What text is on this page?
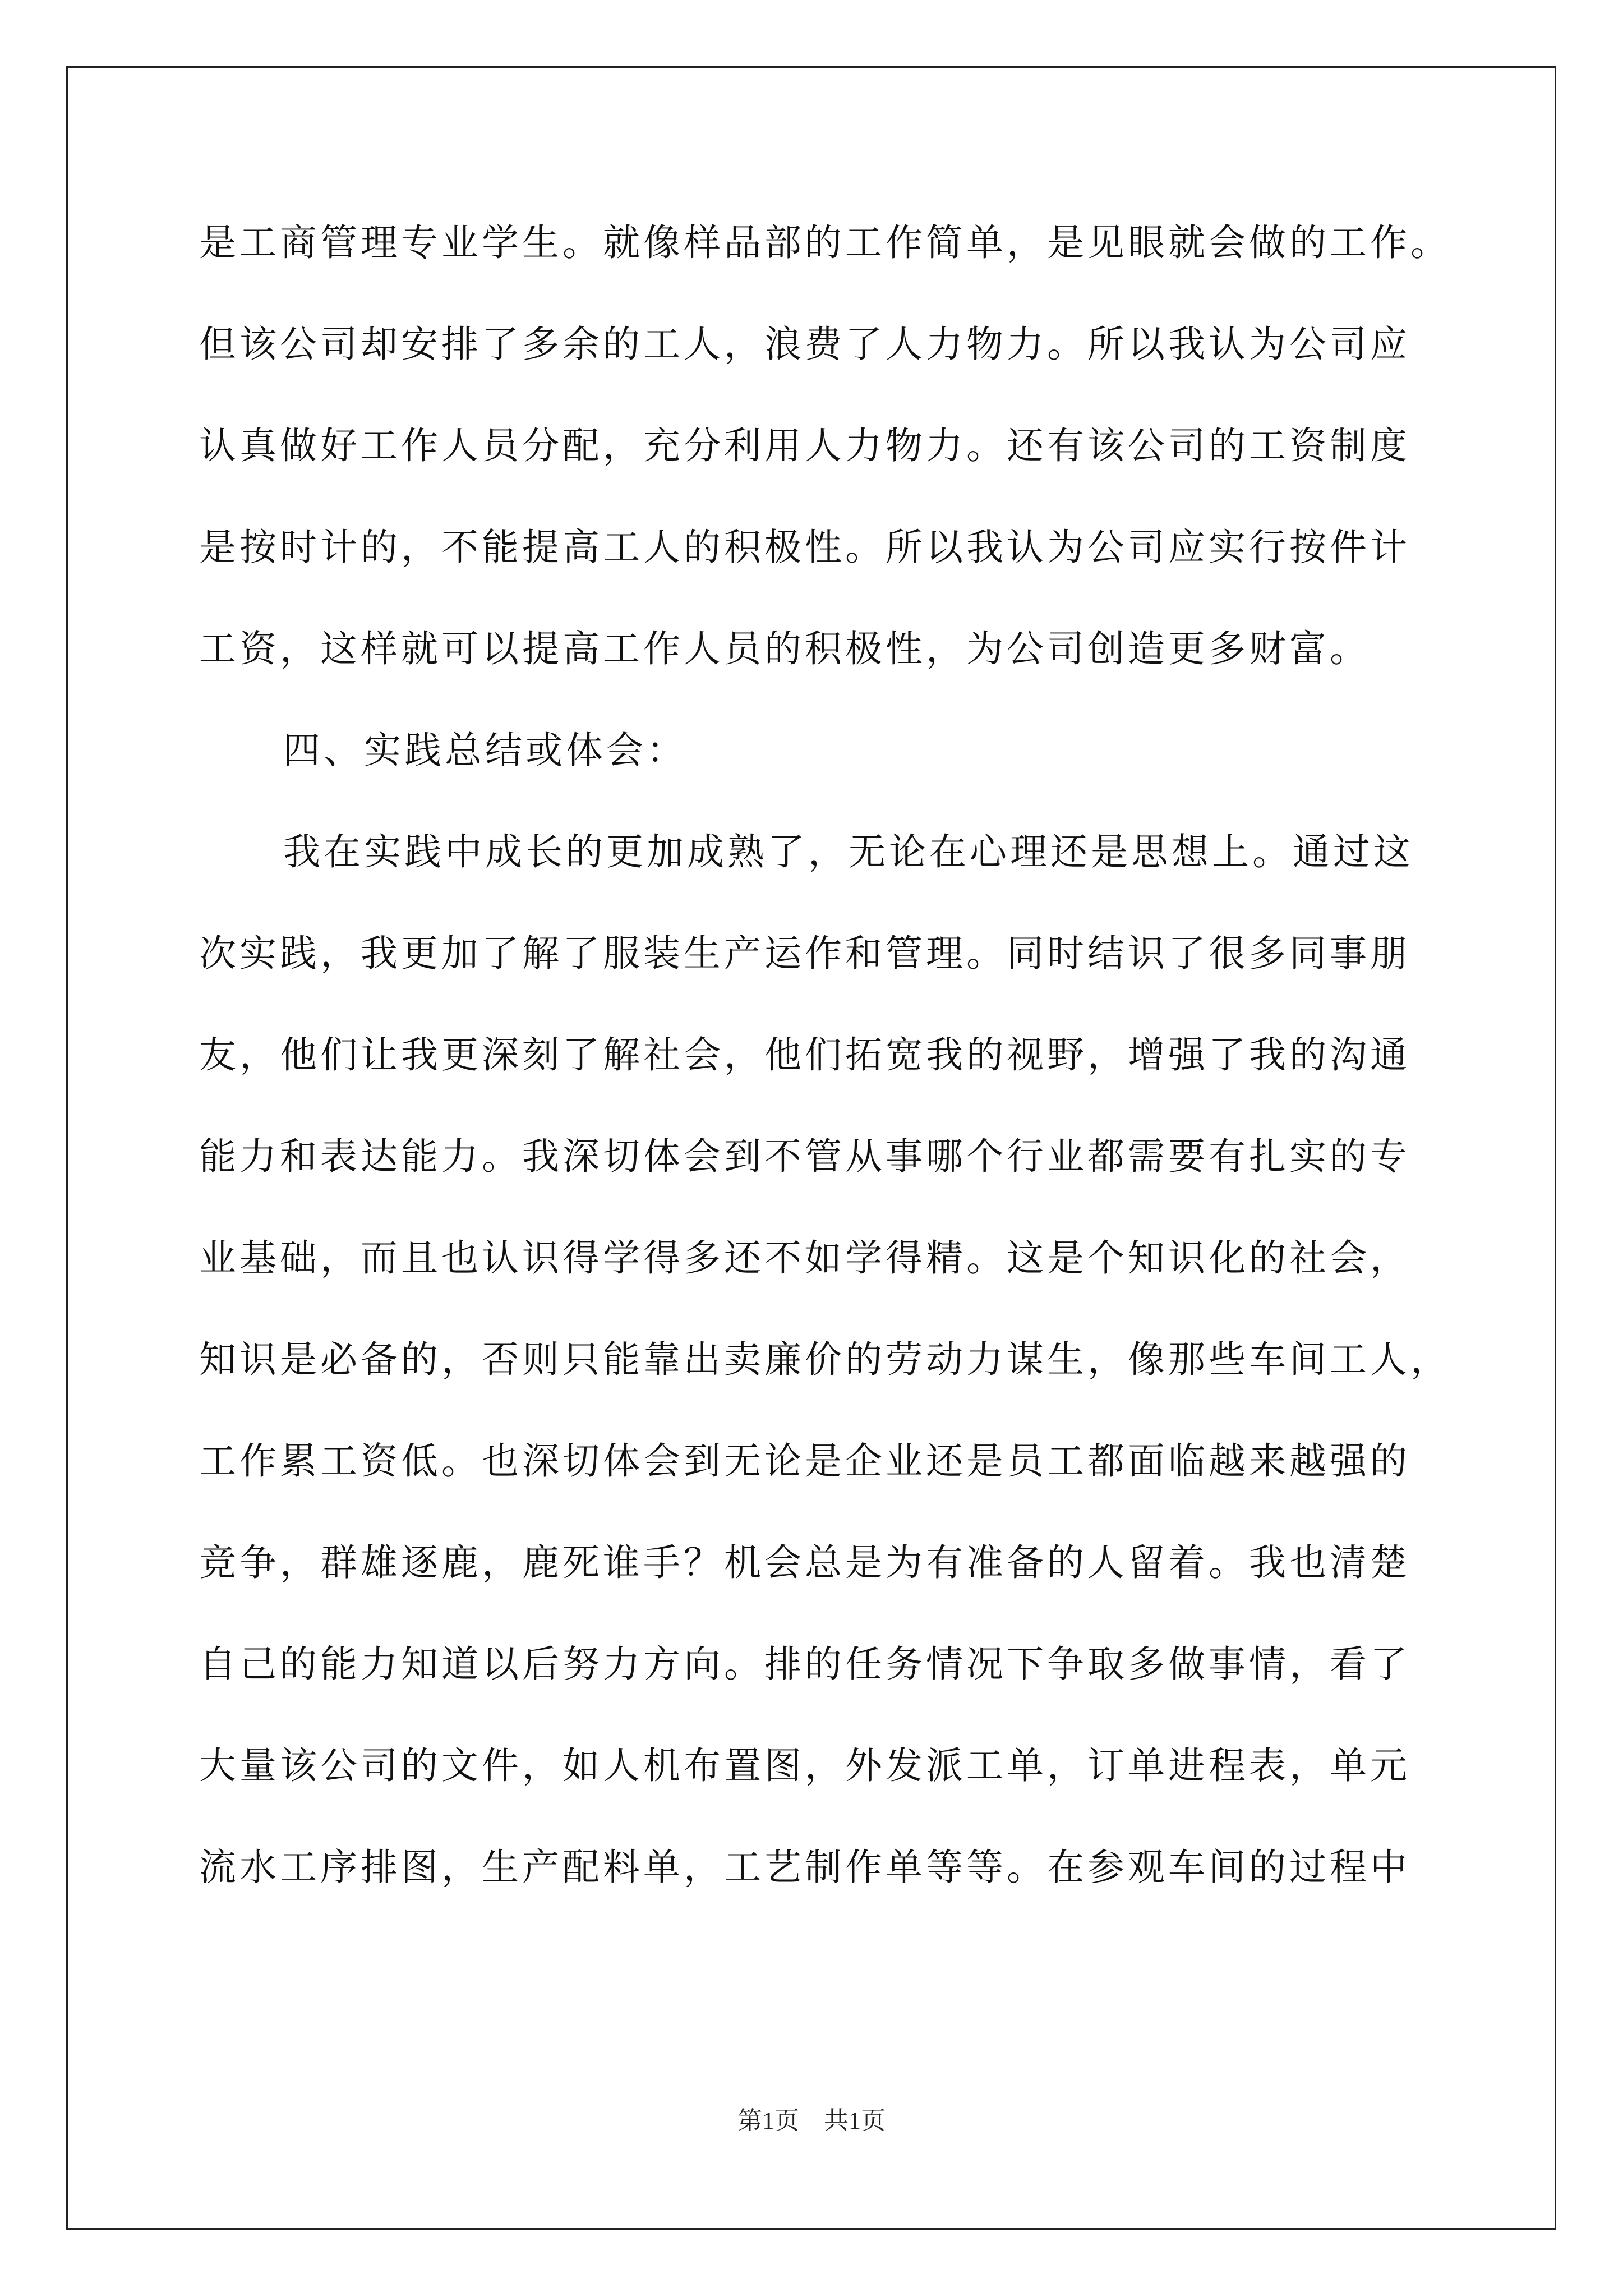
是工商管理专业学生。就像样品部的工作简单，是见眼就会做的工作。
但该公司却安排了多余的工人，浪费了人力物力。所以我认为公司应
认真做好工作人员分配，充分利用人力物力。还有该公司的工资制度
是按时计的，不能提高工人的积极性。所以我认为公司应实行按件计
工资，这样就可以提高工作人员的积极性，为公司创造更多财富。
四、实践总结或体会：
我在实践中成长的更加成熟了，无论在心理还是思想上。通过这
次实践，我更加了解了服装生产运作和管理。同时结识了很多同事朋
友，他们让我更深刻了解社会，他们拓宽我的视野，增强了我的沟通
能力和表达能力。我深切体会到不管从事哪个行业都需要有扎实的专
业基础，而且也认识得学得多还不如学得精。这是个知识化的社会，
知识是必备的，否则只能靠出卖廉价的劳动力谋生，像那些车间工人，
工作累工资低。也深切体会到无论是企业还是员工都面临越来越强的
竞争，群雄逐鹿，鹿死谁手？机会总是为有准备的人留着。我也清楚
自己的能力知道以后努力方向。排的任务情况下争取多做事情，看了
大量该公司的文件，如人机布置图，外发派工单，订单进程表，单元
流水工序排图，生产配料单，工艺制作单等等。在参观车间的过程中
第1页　共1页
